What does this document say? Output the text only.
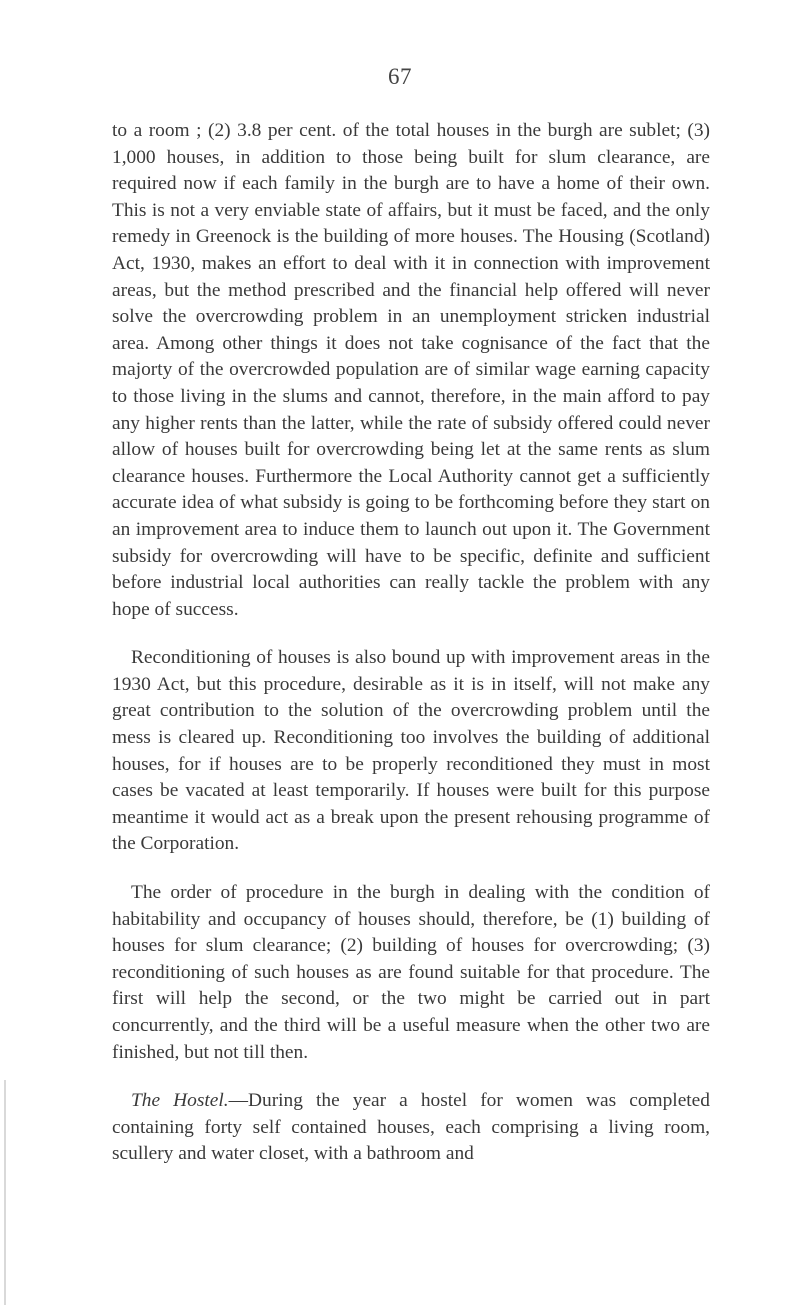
67

to a room ; (2) 3.8 per cent. of the total houses in the burgh are sublet; (3) 1,000 houses, in addition to those being built for slum clearance, are required now if each family in the burgh are to have a home of their own. This is not a very enviable state of affairs, but it must be faced, and the only remedy in Greenock is the building of more houses. The Housing (Scotland) Act, 1930, makes an effort to deal with it in connection with improvement areas, but the method prescribed and the financial help offered will never solve the overcrowding problem in an unemployment stricken industrial area. Among other things it does not take cognisance of the fact that the majorty of the overcrowded population are of similar wage earning capacity to those living in the slums and cannot, therefore, in the main afford to pay any higher rents than the latter, while the rate of subsidy offered could never allow of houses built for overcrowding being let at the same rents as slum clearance houses. Furthermore the Local Authority cannot get a sufficiently accurate idea of what subsidy is going to be forthcoming before they start on an improvement area to induce them to launch out upon it. The Government subsidy for overcrowding will have to be specific, definite and sufficient before industrial local authorities can really tackle the problem with any hope of success.

Reconditioning of houses is also bound up with improvement areas in the 1930 Act, but this procedure, desirable as it is in itself, will not make any great contribution to the solution of the overcrowding problem until the mess is cleared up. Reconditioning too involves the building of additional houses, for if houses are to be properly reconditioned they must in most cases be vacated at least temporarily. If houses were built for this purpose meantime it would act as a break upon the present rehousing programme of the Corporation.

The order of procedure in the burgh in dealing with the condition of habitability and occupancy of houses should, therefore, be (1) building of houses for slum clearance; (2) building of houses for overcrowding; (3) reconditioning of such houses as are found suitable for that procedure. The first will help the second, or the two might be carried out in part concurrently, and the third will be a useful measure when the other two are finished, but not till then.

The Hostel.—During the year a hostel for women was completed containing forty self contained houses, each comprising a living room, scullery and water closet, with a bathroom and
